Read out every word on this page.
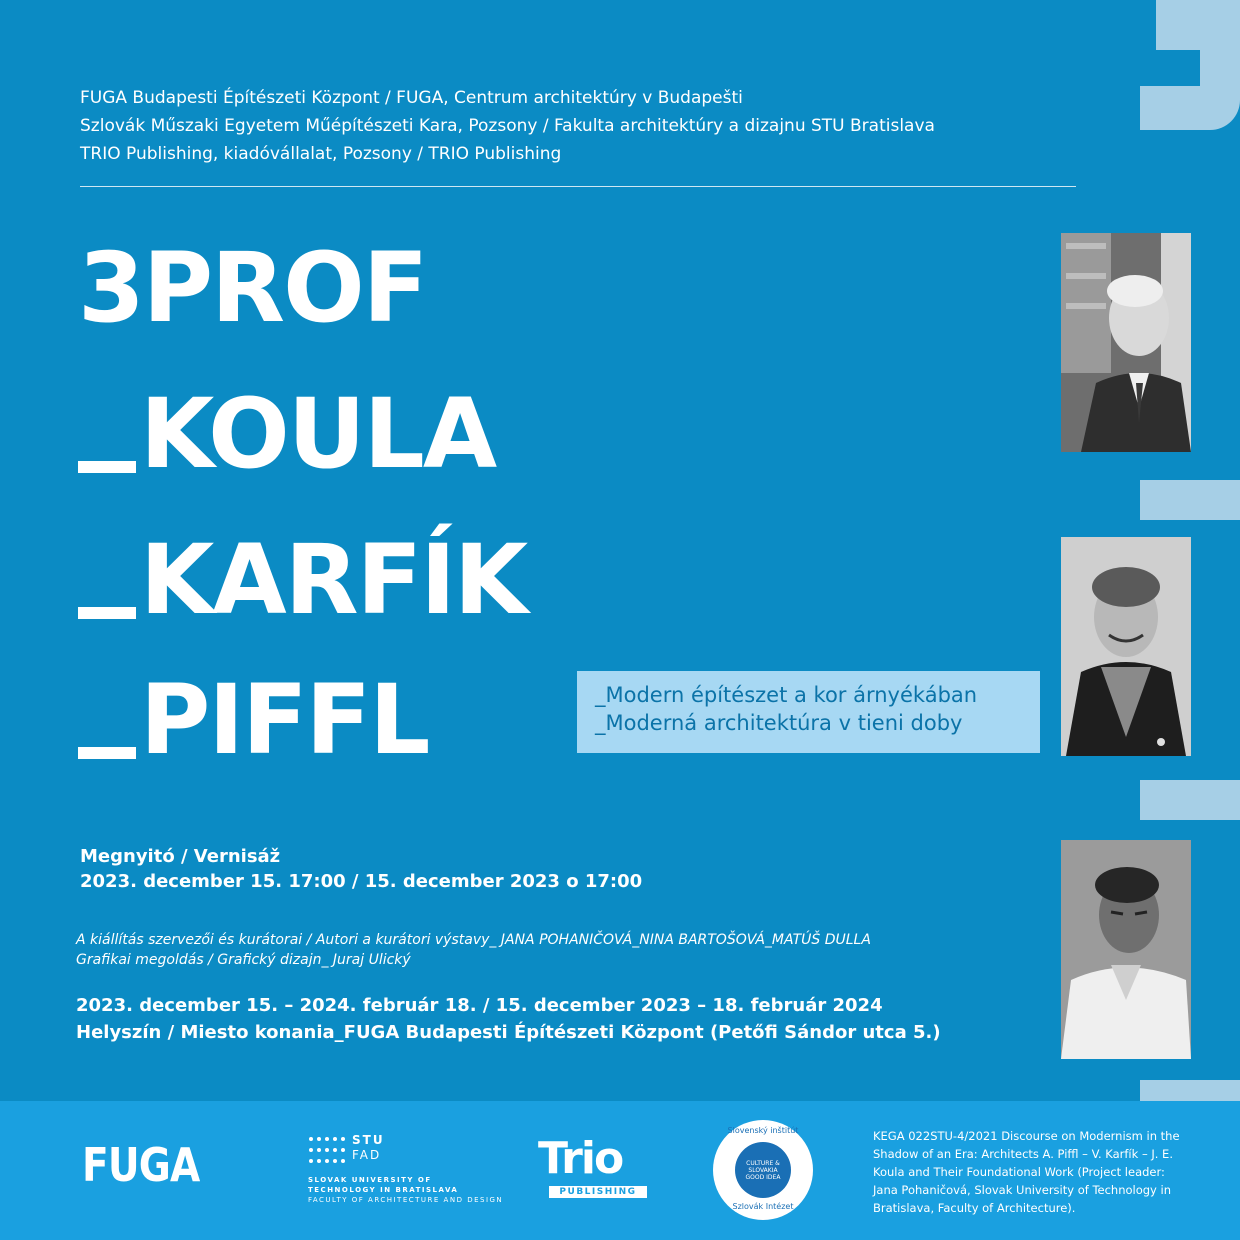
FUGA Budapesti Építészeti Központ / FUGA, Centrum architektúry v Budapešti
Szlovák Műszaki Egyetem Műépítészeti Kara, Pozsony / Fakulta architektúry a dizajnu STU Bratislava
TRIO Publishing, kiadóvállalat, Pozsony / TRIO Publishing
3PROF
KOULA
KARFÍK
PIFFL	_Modern építészet a kor árnyékában
_Moderná architektúra v tieni doby
Megnyitó / Vernisáž
2023. december 15. 17:00 / 15. december 2023 o 17:00
A kiállítás szervezői és kurátorai / Autori a kurátori výstavy_ JANA POHANIČOVÁ_NINA BARTOŠOVÁ_MATÚŠ DULLA
Grafikai megoldás / Grafický dizajn_ Juraj Ulický
2023. december 15. – 2024. február 18. / 15. december 2023 – 18. február 2024
Helyszín / Miesto konania_FUGA Budapesti Építészeti Központ (Petőfi Sándor utca 5.)
FUGA	STU
FAD
SLOVAK UNIVERSITY OF
TECHNOLOGY IN BRATISLAVA
FACULTY OF ARCHITECTURE AND DESIGN
Trio
PUBLISHING
CULTURE &
SLOVAKIA
GOOD IDEA
Slovenský inštitút
Szlovák Intézet
KEGA 022STU-4/2021 Discourse on Modernism in the Shadow of an Era: Architects A. Piffl – V. Karfík – J. E. Koula and Their Foundational Work (Project leader: Jana Pohaničová, Slovak University of Technology in Bratislava, Faculty of Architecture).
